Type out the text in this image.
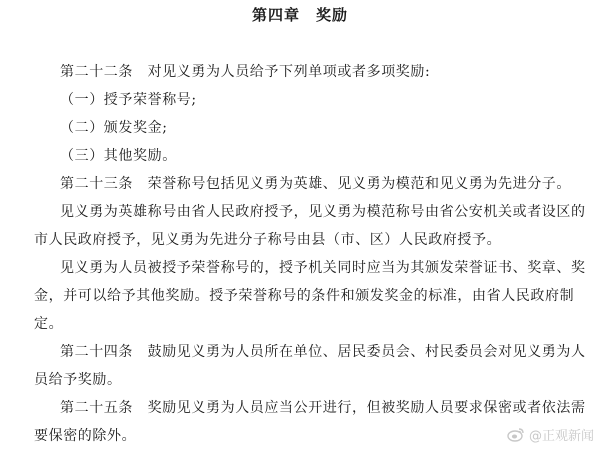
第四章　奖励
第二十二条　对见义勇为人员给予下列单项或者多项奖励:
（一）授予荣誉称号;
（二）颁发奖金;
（三）其他奖励。
第二十三条　荣誉称号包括见义勇为英雄、见义勇为模范和见义勇为先进分子。
见义勇为英雄称号由省人民政府授予，见义勇为模范称号由省公安机关或者设区的
市人民政府授予，见义勇为先进分子称号由县（市、区）人民政府授予。
见义勇为人员被授予荣誉称号的，授予机关同时应当为其颁发荣誉证书、奖章、奖
金，并可以给予其他奖励。授予荣誉称号的条件和颁发奖金的标准，由省人民政府制
定。
第二十四条　鼓励见义勇为人员所在单位、居民委员会、村民委员会对见义勇为人
员给予奖励。
第二十五条　奖励见义勇为人员应当公开进行，但被奖励人员要求保密或者依法需
要保密的除外。	@正观新闻
